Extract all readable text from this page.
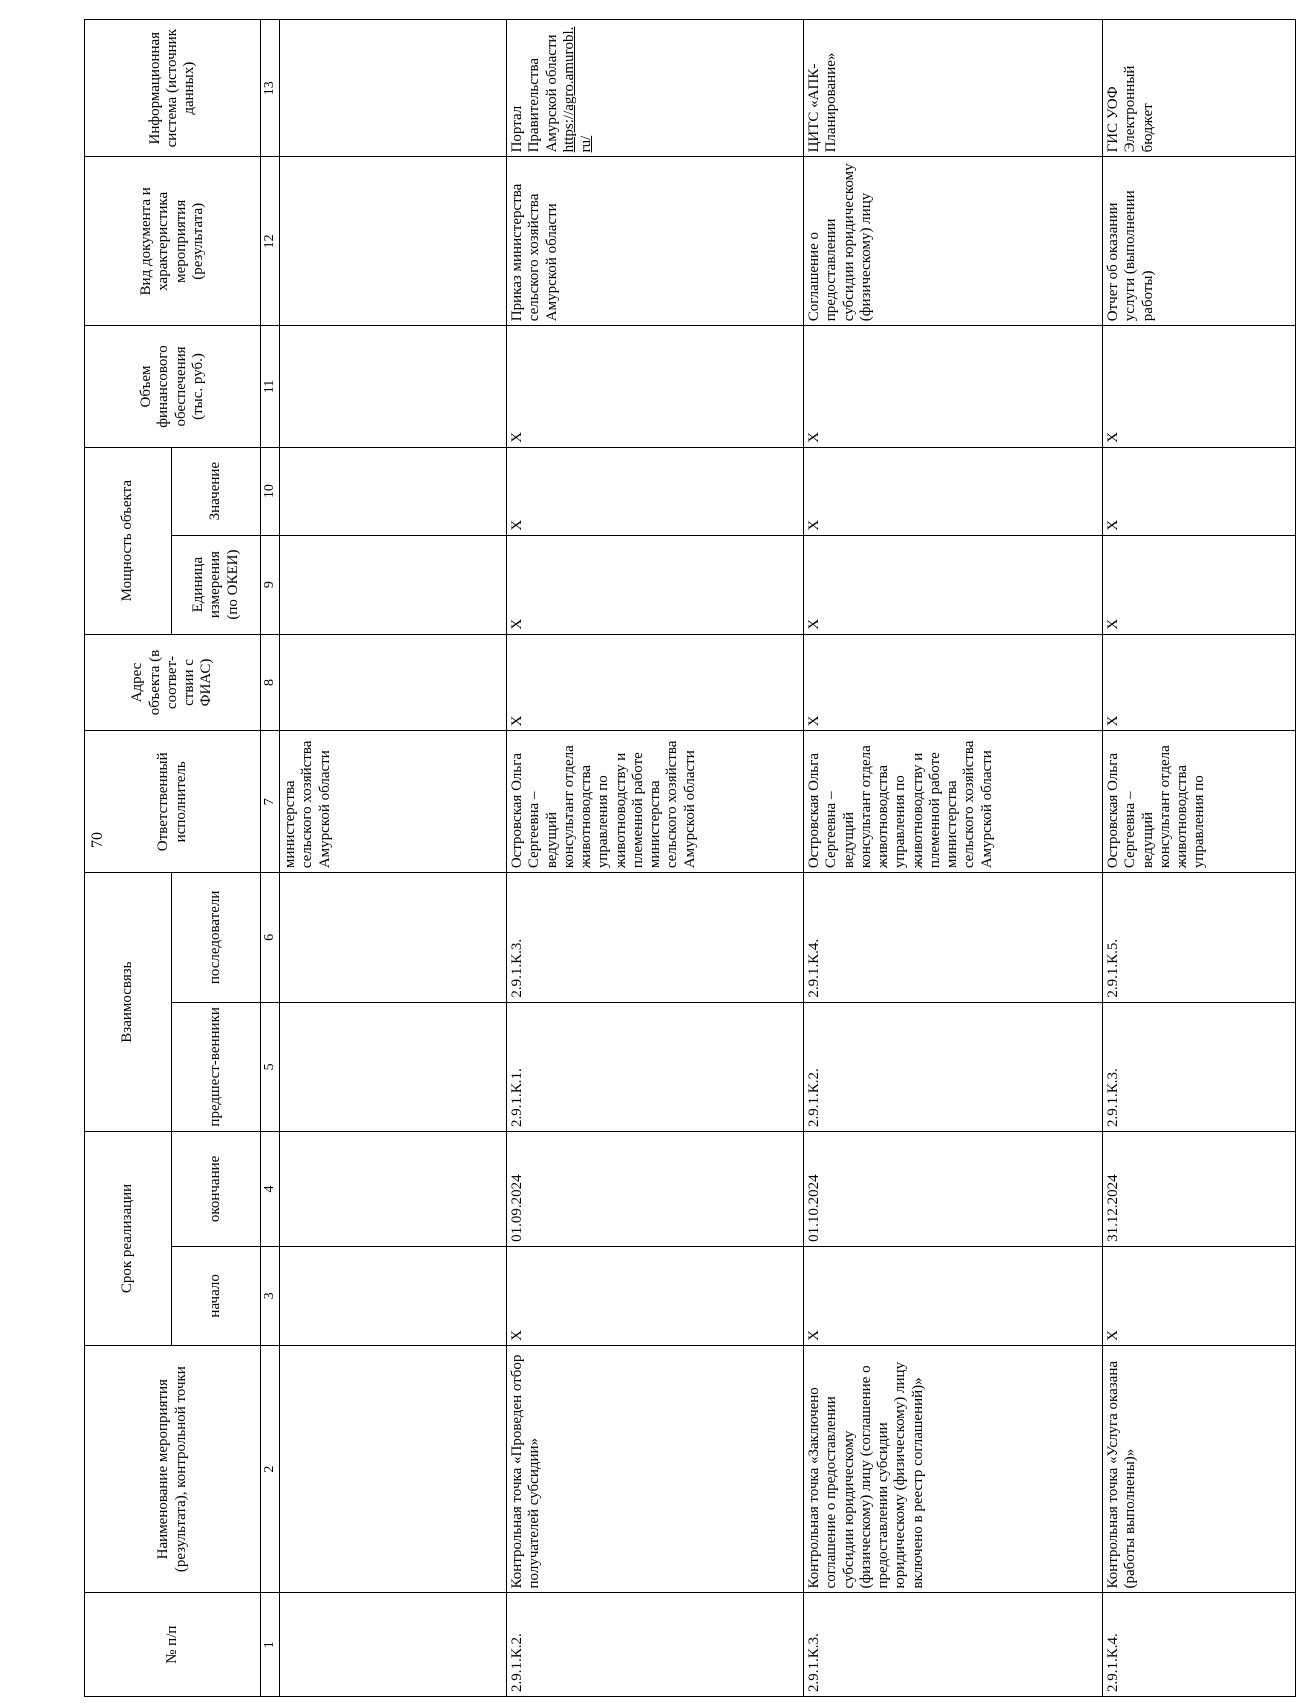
70
№ п/п	Наименование мероприятия (результата), контрольной точки	Срок реализации		Взаимосвязь		Ответственный исполнитель	Адрес объекта (в соответ-ствии с ФИАС)	Мощность объекта		Объем финансового обеспечения (тыс. руб.)	Вид документа и характеристика мероприятия (результата)	Информационная система (источник данных)
		начало	окончание	предшест-венники	последователи			Единица измерения (по ОКЕИ)	Значение			
1	2	3	4	5	6	7	8	9	10	11	12	13
						министерства сельского хозяйства Амурской области						
2.9.1.К.2.	Контрольная точка «Проведен отбор получателей субсидии»	Х	01.09.2024	2.9.1.К.1.	2.9.1.К.3.	Островская Ольга Сергеевна – ведущий консультант отдела животноводства управления по животноводству и племенной работе министерства сельского хозяйства Амурской области	Х	Х	Х	Х	Приказ министерства сельского хозяйства Амурской области	Портал Правительства Амурской области
https://agro.amurobl.ru/
2.9.1.К.3.	Контрольная точка «Заключено соглашение о предоставлении субсидии юридическому (физическому) лицу (соглашение о предоставлении субсидии юридическому (физическому) лицу включено в реестр соглашений)»	Х	01.10.2024	2.9.1.К.2.	2.9.1.К.4.	Островская Ольга Сергеевна – ведущий консультант отдела животноводства управления по животноводству и племенной работе министерства сельского хозяйства Амурской области	Х	Х	Х	Х	Соглашение о предоставлении субсидии юридическому (физическому) лицу	ЦИТС «АПК-Планирование»
2.9.1.К.4.	Контрольная точка «Услуга оказана (работы выполнены)»	Х	31.12.2024	2.9.1.К.3.	2.9.1.К.5.	Островская Ольга Сергеевна – ведущий консультант отдела животноводства управления по	Х	Х	Х	Х	Отчет об оказании услуги (выполнении работы)	ГИС УОФ Электронный бюджет
